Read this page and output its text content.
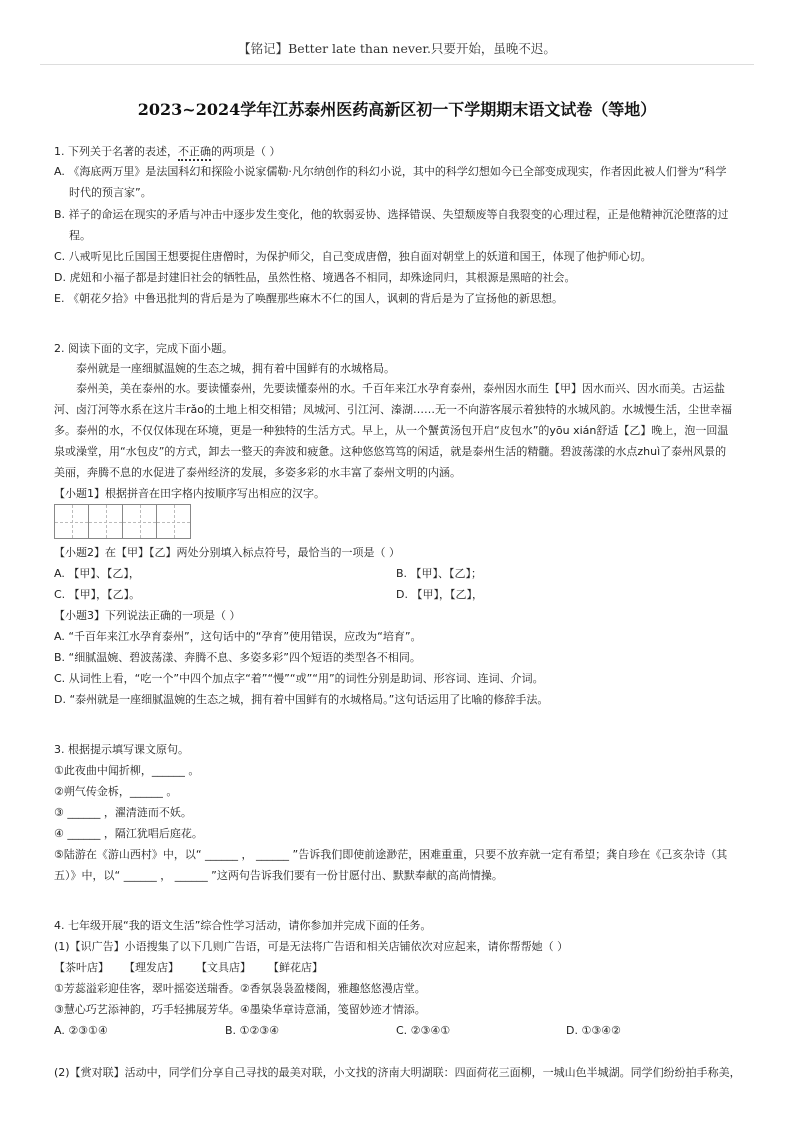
【铭记】Better late than never.只要开始，虽晚不迟。
2023~2024学年江苏泰州医药高新区初一下学期期末语文试卷（等地）
1. 下列关于名著的表述，不正确的两项是（ ）
A. 《海底两万里》是法国科幻和探险小说家儒勒·凡尔纳创作的科幻小说，其中的科学幻想如今已全部变成现实，作者因此被人们誉为“科学
时代的预言家”。
B. 祥子的命运在现实的矛盾与冲击中逐步发生变化，他的软弱妥协、选择错误、失望颓废等自我裂变的心理过程，正是他精神沉沦堕落的过
程。
C. 八戒听见比丘国国王想要捉住唐僧时，为保护师父，自己变成唐僧，独自面对朝堂上的妖道和国王，体现了他护师心切。
D. 虎妞和小福子都是封建旧社会的牺牲品，虽然性格、境遇各不相同，却殊途同归，其根源是黑暗的社会。
E. 《朝花夕拾》中鲁迅批判的背后是为了唤醒那些麻木不仁的国人，讽刺的背后是为了宣扬他的新思想。
2. 阅读下面的文字，完成下面小题。
泰州就是一座细腻温婉的生态之城，拥有着中国鲜有的水城格局。
泰州美，美在泰州的水。要读懂泰州，先要读懂泰州的水。千百年来江水孕育泰州，泰州因水而生【甲】因水而兴、因水而美。古运盐
河、卤汀河等水系在这片丰rǎo的土地上相交相错；凤城河、引江河、溱湖……无一不向游客展示着独特的水城风韵。水城慢生活，尘世幸福
多。泰州的水，不仅仅体现在环境，更是一种独特的生活方式。早上，从一个蟹黄汤包开启“皮包水”的yōu xián舒适【乙】晚上，泡一回温
泉或澡堂，用“水包皮”的方式，卸去一整天的奔波和疲惫。这种悠悠笃笃的闲适，就是泰州生活的精髓。碧波荡漾的水点zhuì了泰州风景的
美丽，奔腾不息的水促进了泰州经济的发展，多姿多彩的水丰富了泰州文明的内涵。
【小题1】根据拼音在田字格内按顺序写出相应的汉字。
【小题2】在【甲】【乙】两处分别填入标点符号，最恰当的一项是（ ）
A. 【甲】、【乙】，	B. 【甲】、【乙】；
C. 【甲】，【乙】。	D. 【甲】，【乙】，
【小题3】下列说法正确的一项是（ ）
A. “千百年来江水孕育泰州”，这句话中的“孕育”使用错误，应改为“培育”。
B. “细腻温婉、碧波荡漾、奔腾不息、多姿多彩”四个短语的类型各不相同。
C. 从词性上看，“吃一个”中四个加点字“着”“慢”“或”“用”的词性分别是助词、形容词、连词、介词。
D. “泰州就是一座细腻温婉的生态之城，拥有着中国鲜有的水城格局。”这句话运用了比喻的修辞手法。
3. 根据提示填写课文原句。
①此夜曲中闻折柳，______ 。
②朔气传金柝，______ 。
③ ______ ，濯清涟而不妖。
④ ______ ，隔江犹唱后庭花。
⑤陆游在《游山西村》中，以“ ______ ， ______ ”告诉我们即使前途渺茫，困难重重，只要不放弃就一定有希望；龚自珍在《己亥杂诗（其
五）》中，以“ ______ ， ______ ”这两句告诉我们要有一份甘愿付出、默默奉献的高尚情操。
4. 七年级开展“我的语文生活”综合性学习活动，请你参加并完成下面的任务。
(1)【识广告】小语搜集了以下几则广告语，可是无法将广告语和相关店铺依次对应起来，请你帮帮她（ ）
【茶叶店】 【理发店】 【文具店】 【鲜花店】
①芳蕊溢彩迎佳客，翠叶摇姿送瑞香。②香氛袅袅盈楼阁，雅趣悠悠漫店堂。
③慧心巧艺添神韵，巧手轻拂展芳华。④墨染华章诗意涌，笺留妙迹才情添。
A. ②③①④	B. ①②③④	C. ②③④①	D. ①③④②
(2)【赏对联】活动中，同学们分享自己寻找的最美对联，小文找的济南大明湖联：四面荷花三面柳，一城山色半城湖。同学们纷纷拍手称美，
